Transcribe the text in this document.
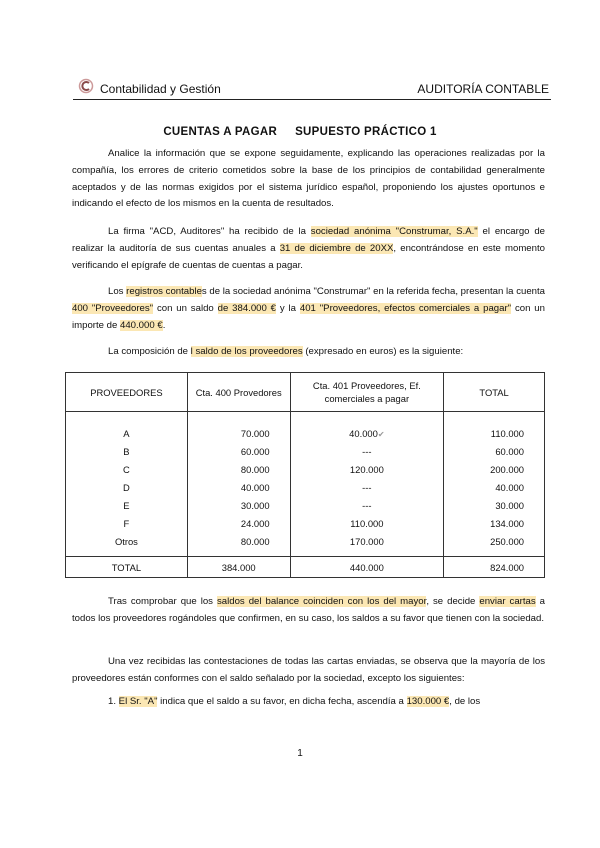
Contabilidad y Gestión	AUDITORÍA CONTABLE
CUENTAS A PAGAR SUPUESTO PRÁCTICO 1

Analice la información que se expone seguidamente, explicando las operaciones realizadas por la compañía, los errores de criterio cometidos sobre la base de los principios de contabilidad generalmente aceptados y de las normas exigidos por el sistema jurídico español, proponiendo los ajustes oportunos e indicando el efecto de los mismos en la cuenta de resultados.

La firma "ACD, Auditores" ha recibido de la sociedad anónima "Construmar, S.A." el encargo de realizar la auditoría de sus cuentas anuales a 31 de diciembre de 20XX, encontrándose en este momento verificando el epígrafe de cuentas de cuentas a pagar.

Los registros contables de la sociedad anónima "Construmar" en la referida fecha, presentan la cuenta 400 "Proveedores" con un saldo de 384.000 € y la 401 "Proveedores, efectos comerciales a pagar" con un importe de 440.000 €.

La composición de l saldo de los proveedores (expresado en euros) es la siguiente:

PROVEEDORES	Cta. 400 Provedores	Cta. 401 Proveedores, Ef. comerciales a pagar	TOTAL

A	70.000	40.000✔	110.000
B	60.000	---	60.000
C	80.000	120.000	200.000
D	40.000	---	40.000
E	30.000	---	30.000
F	24.000	110.000	134.000
Otros	80.000	170.000	250.000
TOTAL	384.000	440.000	824.000

Tras comprobar que los saldos del balance coinciden con los del mayor, se decide enviar cartas a todos los proveedores rogándoles que confirmen, en su caso, los saldos a su favor que tienen con la sociedad.

Una vez recibidas las contestaciones de todas las cartas enviadas, se observa que la mayoría de los proveedores están conformes con el saldo señalado por la sociedad, excepto los siguientes:

1. El Sr. "A" indica que el saldo a su favor, en dicha fecha, ascendía a 130.000 €, de los

1
